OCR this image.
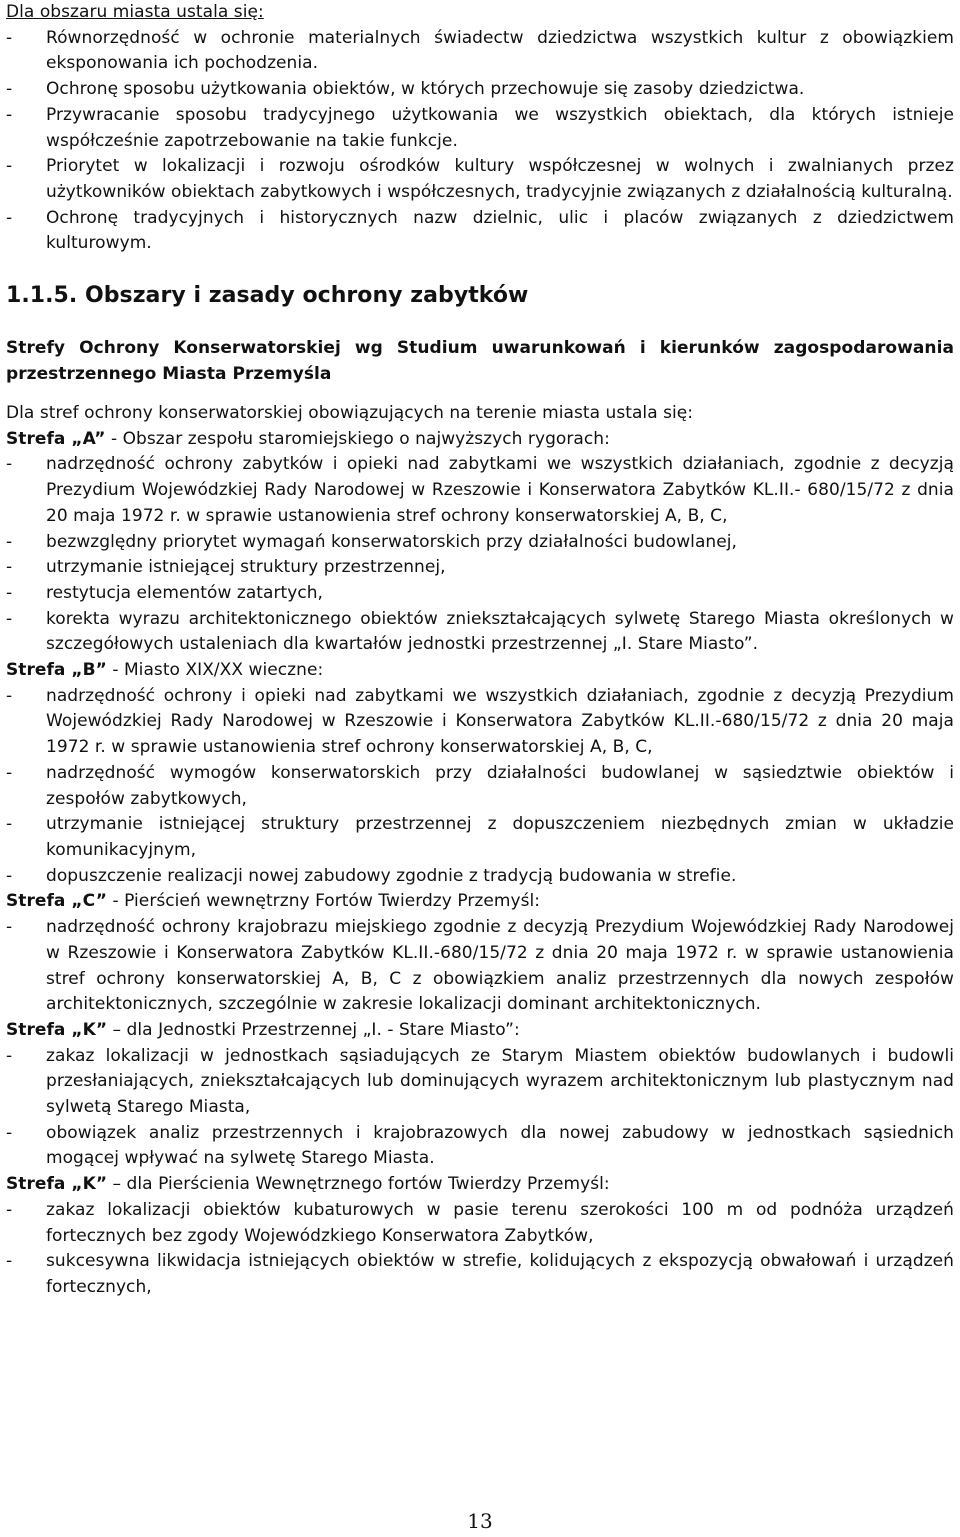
Dla obszaru miasta ustala się:

-	Równorzędność w ochronie materialnych świadectw dziedzictwa wszystkich kultur z obowiązkiem eksponowania ich pochodzenia.
-	Ochronę sposobu użytkowania obiektów, w których przechowuje się zasoby dziedzictwa.
-	Przywracanie sposobu tradycyjnego użytkowania we wszystkich obiektach, dla których istnieje współcześnie zapotrzebowanie na takie funkcje.
-	Priorytet w lokalizacji i rozwoju ośrodków kultury współczesnej w wolnych i zwalnianych przez użytkowników obiektach zabytkowych i współczesnych, tradycyjnie związanych z działalnością kulturalną.
-	Ochronę tradycyjnych i historycznych nazw dzielnic, ulic i placów związanych z dziedzictwem kulturowym.

1.1.5. Obszary i zasady ochrony zabytków

Strefy Ochrony Konserwatorskiej wg Studium uwarunkowań i kierunków zagospodarowania przestrzennego Miasta Przemyśla

Dla stref ochrony konserwatorskiej obowiązujących na terenie miasta ustala się:

Strefa „A” - Obszar zespołu staromiejskiego o najwyższych rygorach:

-	nadrzędność ochrony zabytków i opieki nad zabytkami we wszystkich działaniach, zgodnie z decyzją Prezydium Wojewódzkiej Rady Narodowej w Rzeszowie i Konserwatora Zabytków KL.II.- 680/15/72 z dnia 20 maja 1972 r. w sprawie ustanowienia stref ochrony konserwatorskiej A, B, C,
-	bezwzględny priorytet wymagań konserwatorskich przy działalności budowlanej,
-	utrzymanie istniejącej struktury przestrzennej,
-	restytucja elementów zatartych,
-	korekta wyrazu architektonicznego obiektów zniekształcających sylwetę Starego Miasta określonych w szczegółowych ustaleniach dla kwartałów jednostki przestrzennej „I. Stare Miasto”.

Strefa „B” - Miasto XIX/XX wieczne:

-	nadrzędność ochrony i opieki nad zabytkami we wszystkich działaniach, zgodnie z decyzją Prezydium Wojewódzkiej Rady Narodowej w Rzeszowie i Konserwatora Zabytków KL.II.-680/15/72 z dnia 20 maja 1972 r. w sprawie ustanowienia stref ochrony konserwatorskiej A, B, C,
-	nadrzędność wymogów konserwatorskich przy działalności budowlanej w sąsiedztwie obiektów i zespołów zabytkowych,
-	utrzymanie istniejącej struktury przestrzennej z dopuszczeniem niezbędnych zmian w układzie komunikacyjnym,
-	dopuszczenie realizacji nowej zabudowy zgodnie z tradycją budowania w strefie.

Strefa „C” - Pierścień wewnętrzny Fortów Twierdzy Przemyśl:

-	nadrzędność ochrony krajobrazu miejskiego zgodnie z decyzją Prezydium Wojewódzkiej Rady Narodowej w Rzeszowie i Konserwatora Zabytków KL.II.-680/15/72 z dnia 20 maja 1972 r. w sprawie ustanowienia stref ochrony konserwatorskiej A, B, C z obowiązkiem analiz przestrzennych dla nowych zespołów architektonicznych, szczególnie w zakresie lokalizacji dominant architektonicznych.

Strefa „K” – dla Jednostki Przestrzennej „I. - Stare Miasto”:

-	zakaz lokalizacji w jednostkach sąsiadujących ze Starym Miastem obiektów budowlanych i budowli przesłaniających, zniekształcających lub dominujących wyrazem architektonicznym lub plastycznym nad sylwetą Starego Miasta,
-	obowiązek analiz przestrzennych i krajobrazowych dla nowej zabudowy w jednostkach sąsiednich mogącej wpływać na sylwetę Starego Miasta.

Strefa „K” – dla Pierścienia Wewnętrznego fortów Twierdzy Przemyśl:

-	zakaz lokalizacji obiektów kubaturowych w pasie terenu szerokości 100 m od podnóża urządzeń fortecznych bez zgody Wojewódzkiego Konserwatora Zabytków,
-	sukcesywna likwidacja istniejących obiektów w strefie, kolidujących z ekspozycją obwałowań i urządzeń fortecznych,
13
